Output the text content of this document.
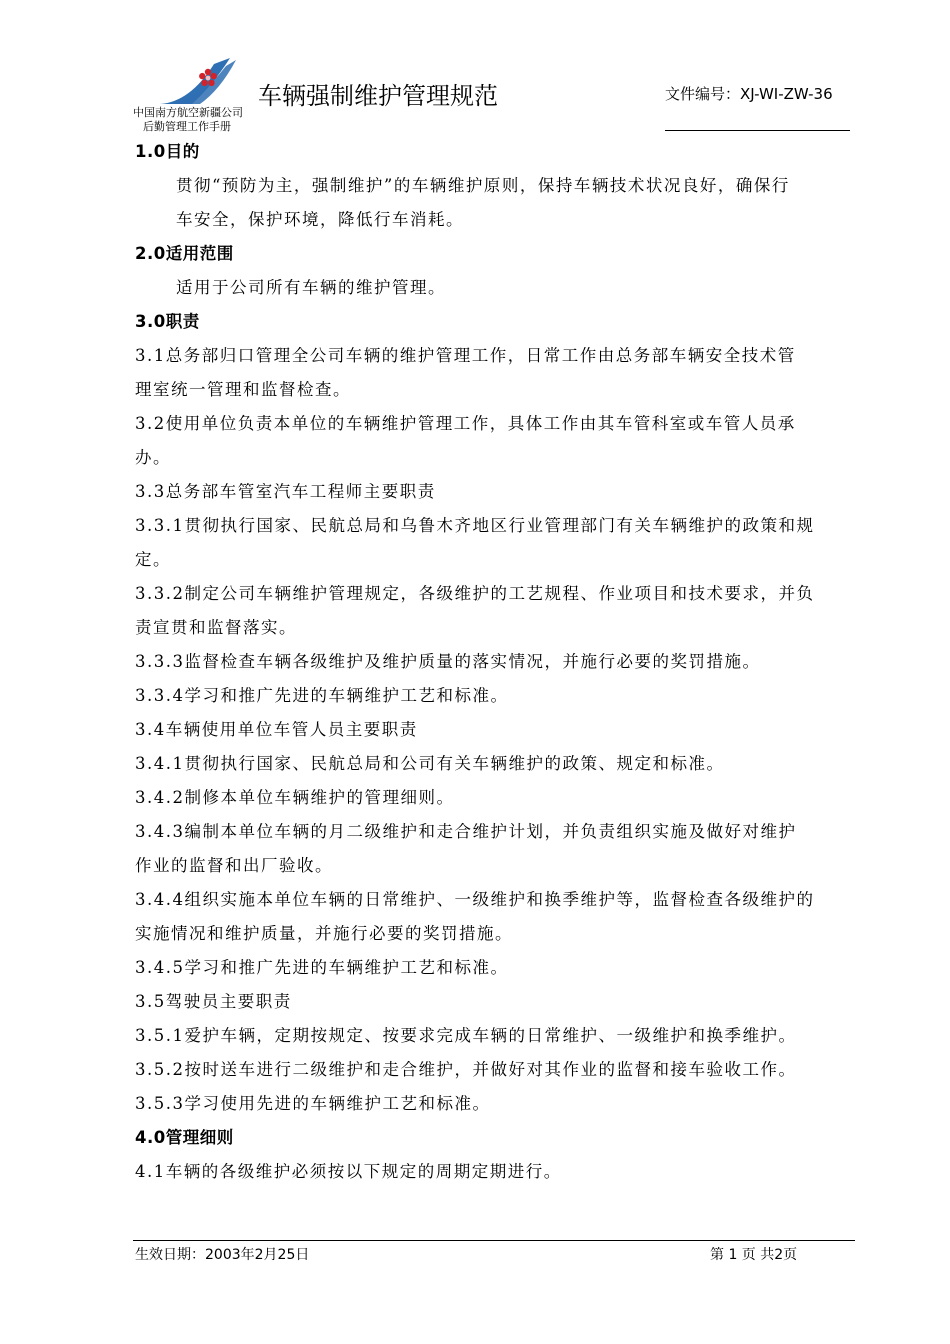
中国南方航空新疆公司
后勤管理工作手册
车辆强制维护管理规范	文件编号：XJ-WI-ZW-36

1.0目的

贯彻“预防为主，强制维护”的车辆维护原则，保持车辆技术状况良好，确保行

车安全，保护环境，降低行车消耗。

2.0适用范围

适用于公司所有车辆的维护管理。

3.0职责

3.1总务部归口管理全公司车辆的维护管理工作，日常工作由总务部车辆安全技术管

理室统一管理和监督检查。

3.2使用单位负责本单位的车辆维护管理工作，具体工作由其车管科室或车管人员承

办。

3.3总务部车管室汽车工程师主要职责

3.3.1贯彻执行国家、民航总局和乌鲁木齐地区行业管理部门有关车辆维护的政策和规

定。

3.3.2制定公司车辆维护管理规定，各级维护的工艺规程、作业项目和技术要求，并负

责宣贯和监督落实。

3.3.3监督检查车辆各级维护及维护质量的落实情况，并施行必要的奖罚措施。

3.3.4学习和推广先进的车辆维护工艺和标准。

3.4车辆使用单位车管人员主要职责

3.4.1贯彻执行国家、民航总局和公司有关车辆维护的政策、规定和标准。

3.4.2制修本单位车辆维护的管理细则。

3.4.3编制本单位车辆的月二级维护和走合维护计划，并负责组织实施及做好对维护

作业的监督和出厂验收。

3.4.4组织实施本单位车辆的日常维护、一级维护和换季维护等，监督检查各级维护的

实施情况和维护质量，并施行必要的奖罚措施。

3.4.5学习和推广先进的车辆维护工艺和标准。

3.5驾驶员主要职责

3.5.1爱护车辆，定期按规定、按要求完成车辆的日常维护、一级维护和换季维护。

3.5.2按时送车进行二级维护和走合维护，并做好对其作业的监督和接车验收工作。

3.5.3学习使用先进的车辆维护工艺和标准。

4.0管理细则

4.1车辆的各级维护必须按以下规定的周期定期进行。

生效日期：2003年2月25日	第 1 页 共2页
